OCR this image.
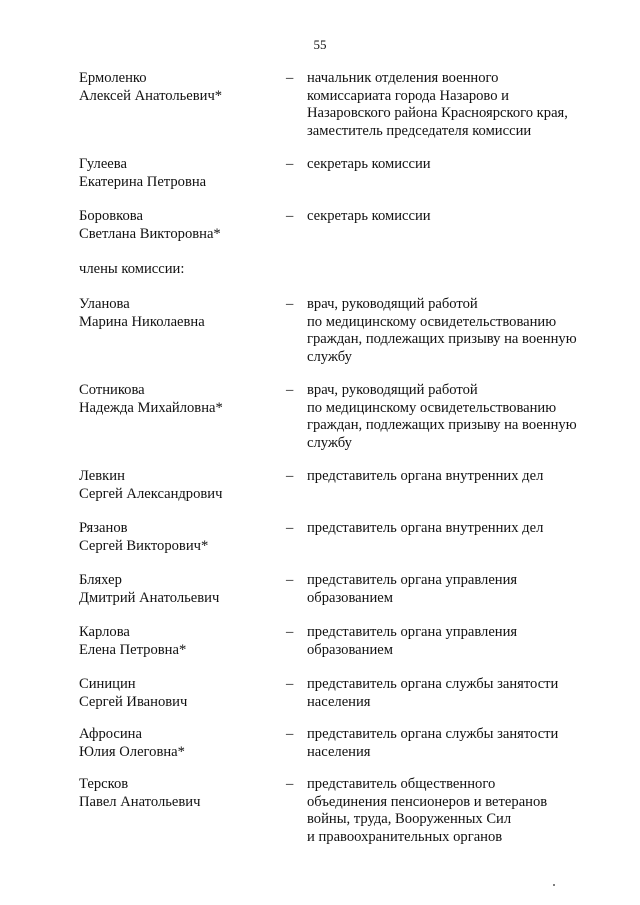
55
Ермоленко
Алексей Анатольевич*
– начальник отделения военного
комиссариата города Назарово и
Назаровского района Красноярского края,
заместитель председателя комиссии
Гулеева
Екатерина Петровна
– секретарь комиссии
Боровкова
Светлана Викторовна*
– секретарь комиссии
члены комиссии:
Уланова
Марина Николаевна
– врач, руководящий работой
по медицинскому освидетельствованию
граждан, подлежащих призыву на военную
службу
Сотникова
Надежда Михайловна*
– врач, руководящий работой
по медицинскому освидетельствованию
граждан, подлежащих призыву на военную
службу
Левкин
Сергей Александрович
– представитель органа внутренних дел
Рязанов
Сергей Викторович*
– представитель органа внутренних дел
Бляхер
Дмитрий Анатольевич
– представитель органа управления
образованием
Карлова
Елена Петровна*
– представитель органа управления
образованием
Синицин
Сергей Иванович
– представитель органа службы занятости
населения
Афросина
Юлия Олеговна*
– представитель органа службы занятости
населения
Терсков
Павел Анатольевич
– представитель общественного
объединения пенсионеров и ветеранов
войны, труда, Вооруженных Сил
и правоохранительных органов
